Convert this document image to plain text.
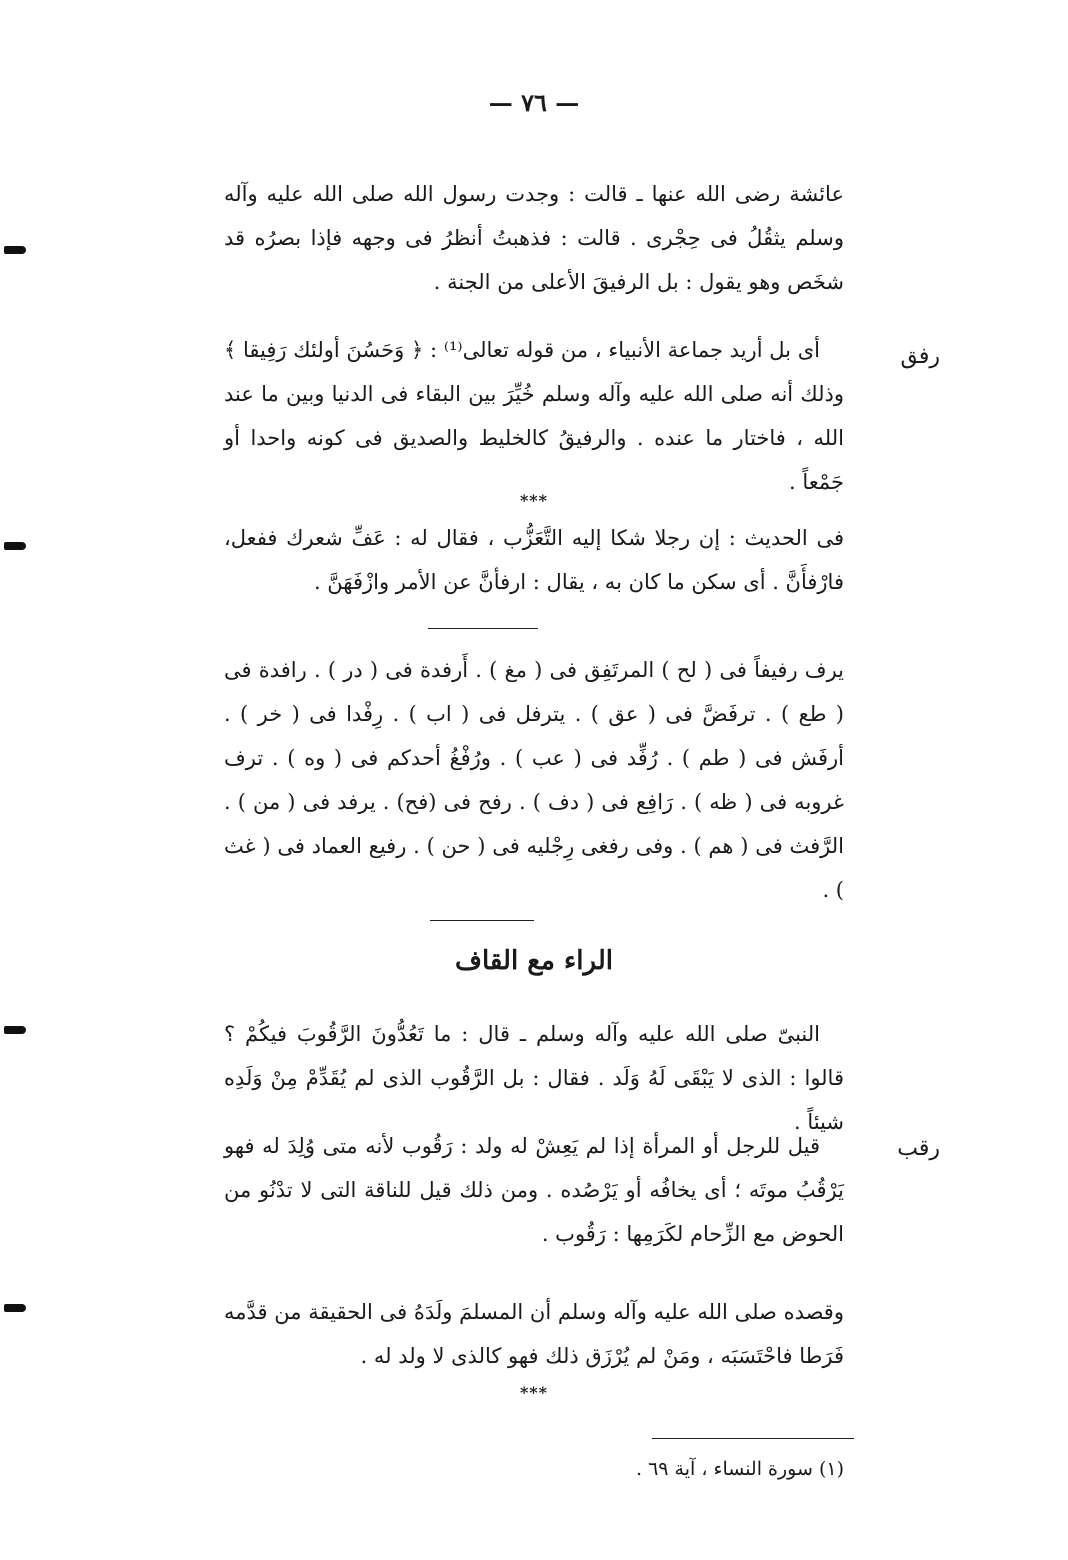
— ٧٦ —

عائشة رضى الله عنها ـ قالت : وجدت رسول الله صلى الله عليه وآله وسلم يثقُلُ فى حِجْرى . قالت : فذهبتُ أنظرُ فى وجهه فإذا بصرُه قد شخَص وهو يقول : بل الرفيقَ الأعلى من الجنة .

رفق

أى بل أريد جماعة الأنبياء ، من قوله تعالى⁽¹⁾ : ﴿ وَحَسُنَ أولئك رَفِيقا ﴾ وذلك أنه صلى الله عليه وآله وسلم خُيِّرَ بين البقاء فى الدنيا وبين ما عند الله ، فاختار ما عنده . والرفيقُ كالخليط والصديق فى كونه واحدا أو جَمْعاً .

***

فى الحديث : إن رجلا شكا إليه التَّعَزُّب ، فقال له : عَفِّ شعرك ففعل، فارْفأَنَّ . أى سكن ما كان به ، يقال : ارفأنَّ عن الأمر وازْفَهَنَّ .

يرف رفيفاً فى ( لح ) المرتَفِق فى ( مغ ) . أَرفدة فى ( در ) . رافدة فى ( طع ) . ترفَضَّ فى ( عق ) . يترفل فى ( اب ) . رِفْدا فى ( خر ) . أرفَش فى ( طم ) . رُفِّد فى ( عب ) . ورُفْغُ أحدكم فى ( وه ) . ترف غروبه فى ( ظه ) . رَافِع فى ( دف ) . رفح فى (فح) . يرفد فى ( من ) . الرَّفث فى ( هم ) . وفى رفغى رِجْليه فى ( حن ) . رفيع العماد فى ( غث ) .

الراء مع القاف

النبىّ صلى الله عليه وآله وسلم ـ قال : ما تَعُدُّونَ الرَّقُوبَ فيكُمْ ؟ قالوا : الذى لا يَبْقَى لَهُ وَلَد . فقال : بل الرَّقُوب الذى لم يُقَدِّمْ مِنْ وَلَدِه شيئاً .

رقب

قيل للرجل أو المرأة إذا لم يَعِشْ له ولد : رَقُوب لأنه متى وُلِدَ له فهو يَرْقُبُ موتَه ؛ أى يخافُه أو يَرْصُده . ومن ذلك قيل للناقة التى لا تدْنُو من الحوض مع الزِّحام لكَرَمِها : رَقُوب .

وقصده صلى الله عليه وآله وسلم أن المسلمَ ولَدَهُ فى الحقيقة من قدَّمه فَرَطا فاحْتَسَبَه ، ومَنْ لم يُرْزَق ذلك فهو كالذى لا ولد له .

***
(١) سورة النساء ، آية ٦٩ .
